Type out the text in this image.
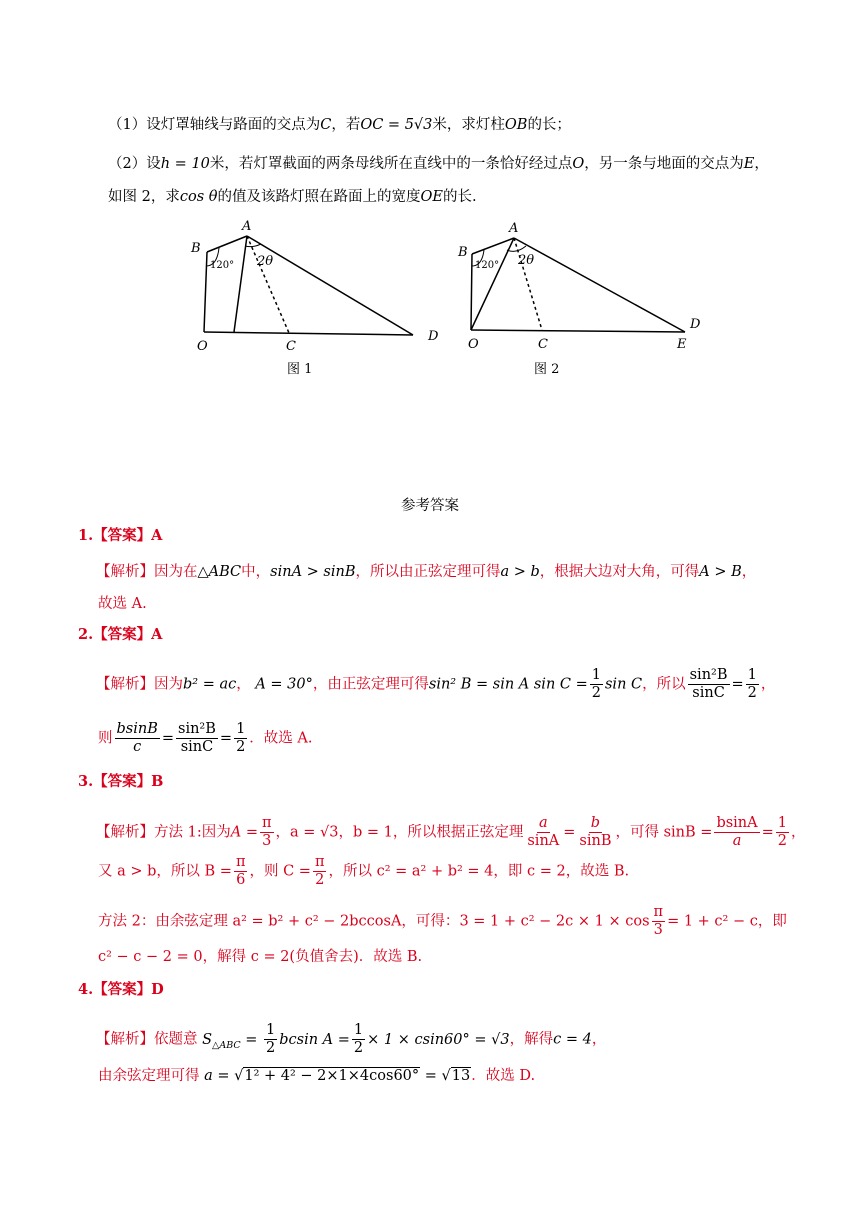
（1）设灯罩轴线与路面的交点为C，若OC = 5√3米，求灯柱OB的长；
（2）设h = 10米，若灯罩截面的两条母线所在直线中的一条恰好经过点O，另一条与地面的交点为E，
如图 2，求cos θ的值及该路灯照在路面上的宽度OE的长.
A
B
120° 2θ
O	C
D
图 1
A
B
120° 2θ
O	C
D
E
图 2
参考答案
1.【答案】A
【解析】因为在△ABC中，sinA > sinB，所以由正弦定理可得a > b，根据大边对大角，可得A > B，
故选 A.
2.【答案】A
【解析】因为b² = ac， A = 30°，由正弦定理可得sin² B = sin A $\sin C = \frac{1}{2}$ sin C，所以 $\frac{\text{sin²B}}{\sin C} = \frac{1}{2}$ ，
则 $\frac{bsinB}{c} = \frac{\text{sin²B}}{\sin C} = \frac{1}{2}$ ．故选 A.
3.【答案】B
【解析】方法 1:因为$A = \frac{\pi}{3}$ ，a = √3，b = 1，所以根据正弦定理 $\frac{a}{\sin A} = \frac{b}{\sin B}$ ，可得 $\sin B = \frac{bsinA}{a} = \frac{1}{2}$ ，
又 a > b，所以 $B = \frac{\pi}{6}$ ，则 $C = \frac{\pi}{2}$ ，所以 c² = a² + b² = 4，即 c = 2，故选 B.
方法 2：由余弦定理 a² = b² + c² − 2bccosA，可得：$3 = 1 + c^2 - 2c \times 1 \times \cos \frac{\pi}{3} = 1 + c^2 - c$，即
c² − c − 2 = 0，解得 c = 2(负值舍去)．故选 B.
4.【答案】D
【解析】依题意 $S_{\triangle ABC} = \frac{1}{2}$ bcsin $A = \frac{1}{2} \times 1 \times csin60^\circ = √3$，解得c = 4，
由余弦定理可得 a = √1² + 4² − 2×1×4cos60° = √13．故选 D.
